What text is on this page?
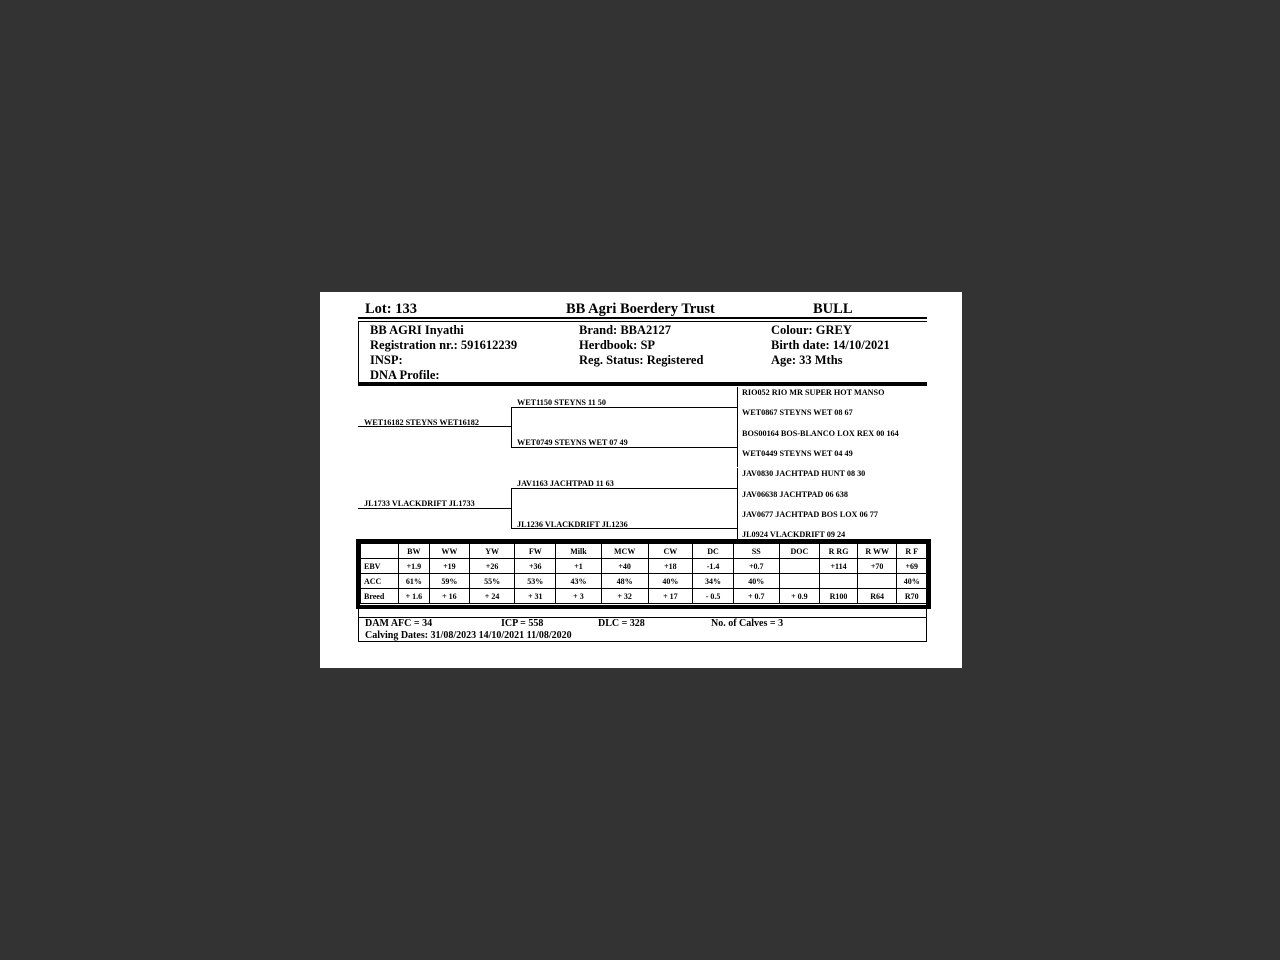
Lot: 133	BB Agri Boerdery Trust	BULL
BB AGRI Inyathi
Registration nr.: 591612239
INSP:
DNA Profile:
Brand: BBA2127
Herdbook: SP
Reg. Status: Registered
Colour: GREY
Birth date: 14/10/2021
Age: 33 Mths
WET16182 STEYNS WET16182
JL1733 VLACKDRIFT JL1733
WET1150 STEYNS 11 50
WET0749 STEYNS WET 07 49
JAV1163 JACHTPAD 11 63
JL1236 VLACKDRIFT JL1236
RIO052 RIO MR SUPER HOT MANSO
WET0867 STEYNS WET 08 67
BOS00164 BOS-BLANCO LOX REX 00 164
WET0449 STEYNS WET 04 49
JAV0830 JACHTPAD HUNT 08 30
JAV06638 JACHTPAD 06 638
JAV0677 JACHTPAD BOS LOX 06 77
JL0924 VLACKDRIFT 09 24
	BW	WW	YW	FW	Milk	MCW	CW	DC	SS	DOC	R RG	R WW	R F
EBV	+1.9	+19	+26	+36	+1	+40	+18	-1.4	+0.7		+114	+70	+69
ACC	61%	59%	55%	53%	43%	48%	40%	34%	40%				40%
Breed	+ 1.6	+ 16	+ 24	+ 31	+ 3	+ 32	+ 17	- 0.5	+ 0.7	+ 0.9	R100	R64	R70
DAM AFC = 34	ICP = 558	DLC = 328	No. of Calves = 3
Calving Dates: 31/08/2023 14/10/2021 11/08/2020
